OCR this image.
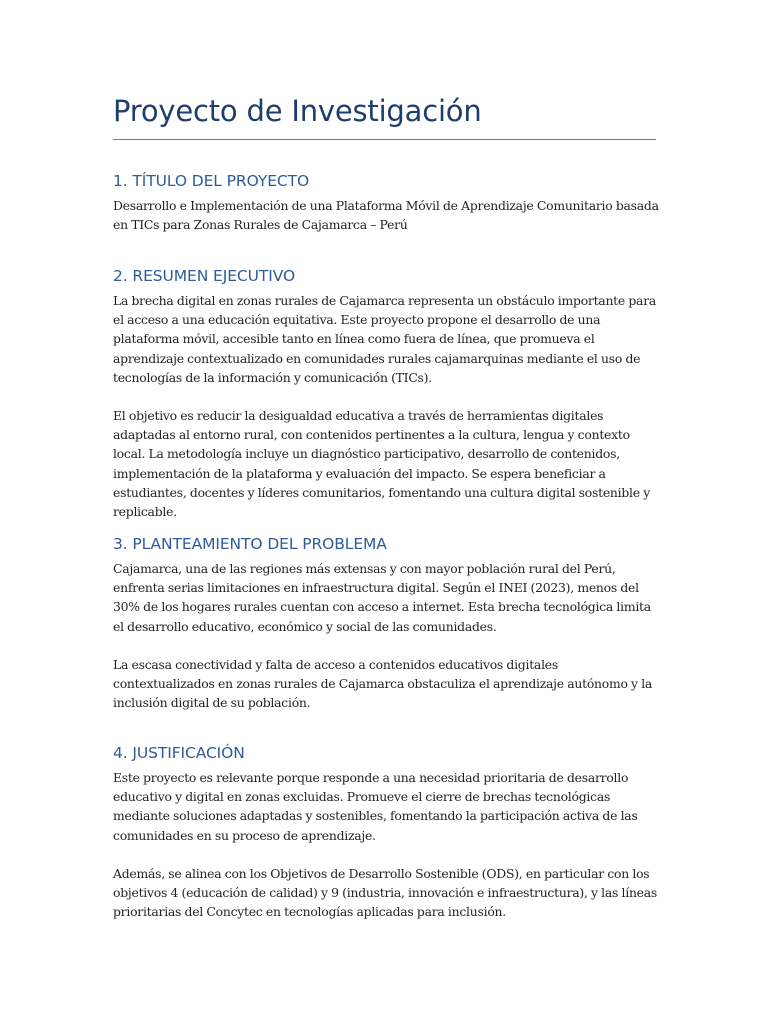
Proyecto de Investigación
1. TÍTULO DEL PROYECTO

Desarrollo e Implementación de una Plataforma Móvil de Aprendizaje Comunitario basada en TICs para Zonas Rurales de Cajamarca – Perú

2. RESUMEN EJECUTIVO

La brecha digital en zonas rurales de Cajamarca representa un obstáculo importante para el acceso a una educación equitativa. Este proyecto propone el desarrollo de una plataforma móvil, accesible tanto en línea como fuera de línea, que promueva el aprendizaje contextualizado en comunidades rurales cajamarquinas mediante el uso de tecnologías de la información y comunicación (TICs).

El objetivo es reducir la desigualdad educativa a través de herramientas digitales adaptadas al entorno rural, con contenidos pertinentes a la cultura, lengua y contexto local. La metodología incluye un diagnóstico participativo, desarrollo de contenidos, implementación de la plataforma y evaluación del impacto. Se espera beneficiar a estudiantes, docentes y líderes comunitarios, fomentando una cultura digital sostenible y replicable.

3. PLANTEAMIENTO DEL PROBLEMA

Cajamarca, una de las regiones más extensas y con mayor población rural del Perú, enfrenta serias limitaciones en infraestructura digital. Según el INEI (2023), menos del 30% de los hogares rurales cuentan con acceso a internet. Esta brecha tecnológica limita el desarrollo educativo, económico y social de las comunidades.

La escasa conectividad y falta de acceso a contenidos educativos digitales contextualizados en zonas rurales de Cajamarca obstaculiza el aprendizaje autónomo y la inclusión digital de su población.

4. JUSTIFICACIÓN

Este proyecto es relevante porque responde a una necesidad prioritaria de desarrollo educativo y digital en zonas excluidas. Promueve el cierre de brechas tecnológicas mediante soluciones adaptadas y sostenibles, fomentando la participación activa de las comunidades en su proceso de aprendizaje.

Además, se alinea con los Objetivos de Desarrollo Sostenible (ODS), en particular con los objetivos 4 (educación de calidad) y 9 (industria, innovación e infraestructura), y las líneas prioritarias del Concytec en tecnologías aplicadas para inclusión.
